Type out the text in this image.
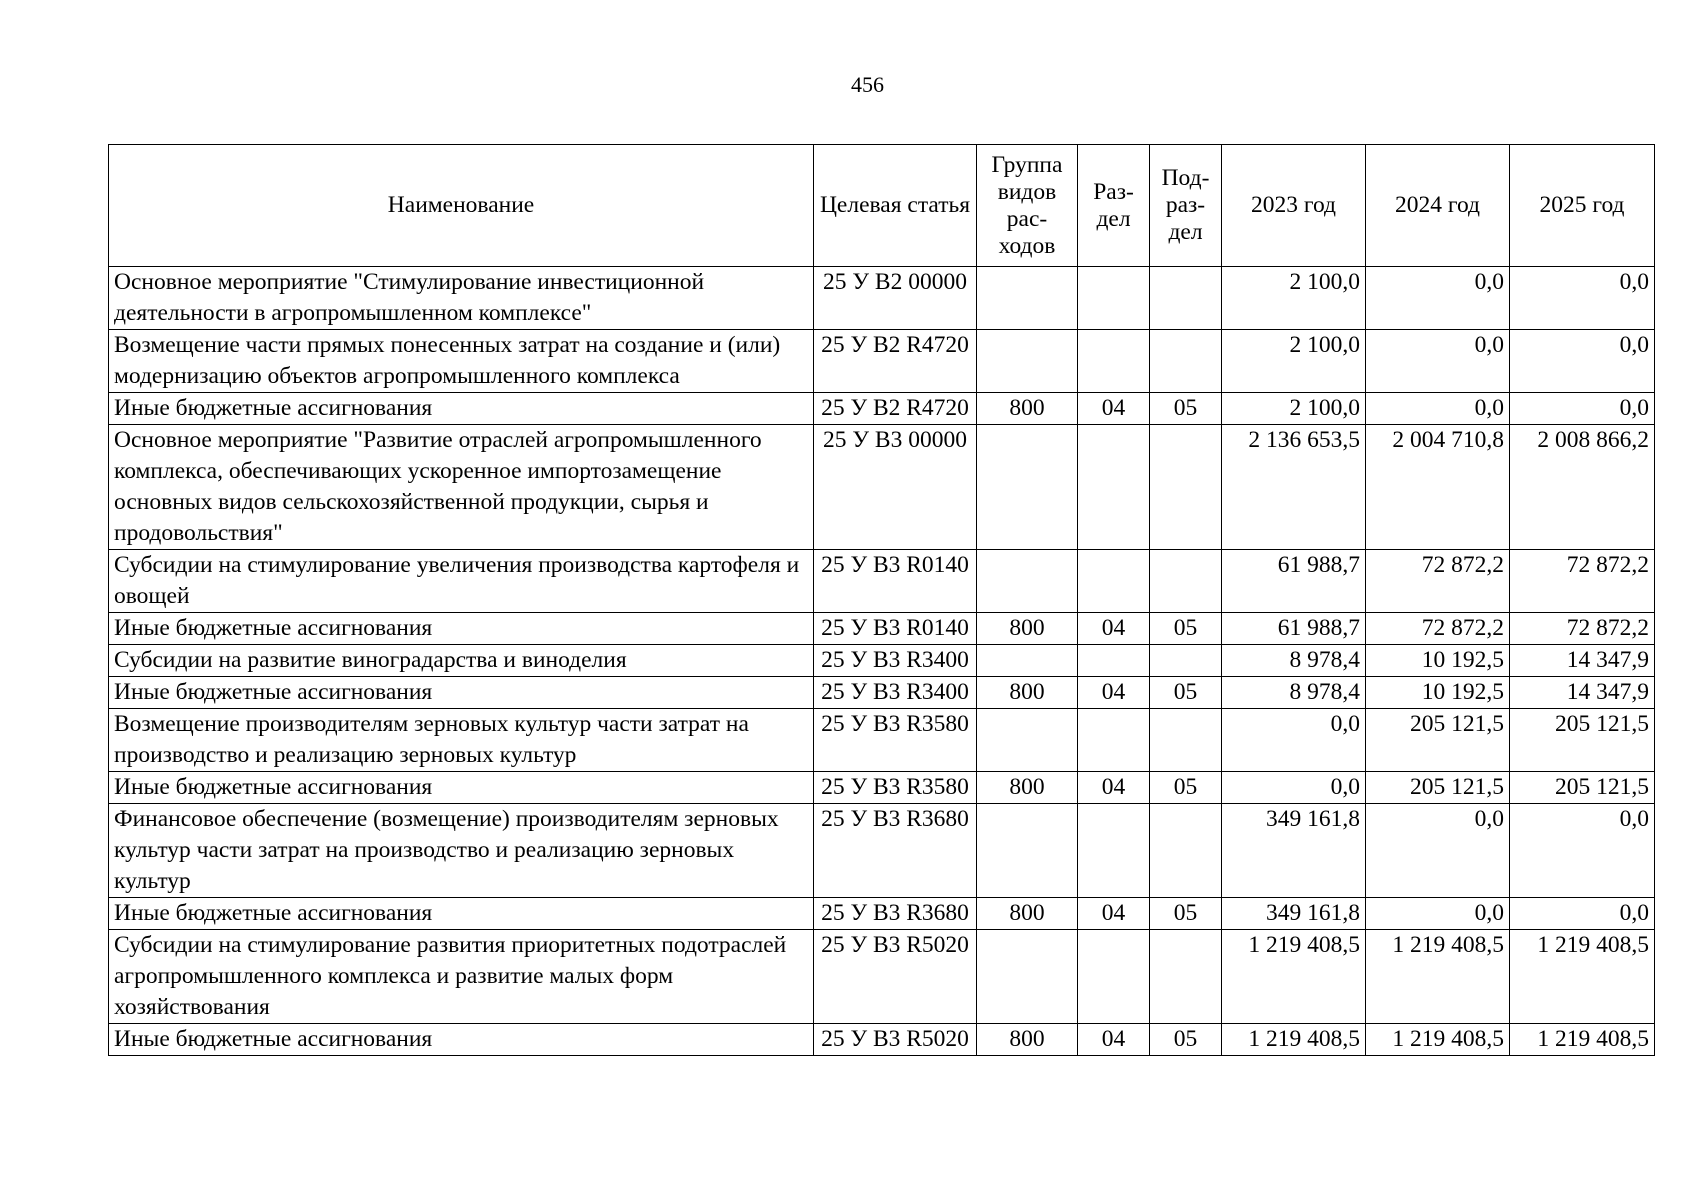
456
Наименование	Целевая статья	Группа видов рас-ходов	Раз-дел	Под-раз-дел	2023 год	2024 год	2025 год
Основное мероприятие "Стимулирование инвестиционной деятельности в агропромышленном комплексе"	25 У В2 00000				2 100,0	0,0	0,0
Возмещение части прямых понесенных затрат на создание и (или) модернизацию объектов агропромышленного комплекса	25 У В2 R4720				2 100,0	0,0	0,0
Иные бюджетные ассигнования	25 У В2 R4720	800	04	05	2 100,0	0,0	0,0
Основное мероприятие "Развитие отраслей агропромышленного комплекса, обеспечивающих ускоренное импортозамещение основных видов сельскохозяйственной продукции, сырья и продовольствия"	25 У В3 00000				2 136 653,5	2 004 710,8	2 008 866,2
Субсидии на стимулирование увеличения производства картофеля и овощей	25 У В3 R0140				61 988,7	72 872,2	72 872,2
Иные бюджетные ассигнования	25 У В3 R0140	800	04	05	61 988,7	72 872,2	72 872,2
Субсидии на развитие виноградарства и виноделия	25 У В3 R3400				8 978,4	10 192,5	14 347,9
Иные бюджетные ассигнования	25 У В3 R3400	800	04	05	8 978,4	10 192,5	14 347,9
Возмещение производителям зерновых культур части затрат на производство и реализацию зерновых культур	25 У В3 R3580				0,0	205 121,5	205 121,5
Иные бюджетные ассигнования	25 У В3 R3580	800	04	05	0,0	205 121,5	205 121,5
Финансовое обеспечение (возмещение) производителям зерновых культур части затрат на производство и реализацию зерновых культур	25 У В3 R3680				349 161,8	0,0	0,0
Иные бюджетные ассигнования	25 У В3 R3680	800	04	05	349 161,8	0,0	0,0
Субсидии на стимулирование развития приоритетных подотраслей агропромышленного комплекса и развитие малых форм хозяйствования	25 У В3 R5020				1 219 408,5	1 219 408,5	1 219 408,5
Иные бюджетные ассигнования	25 У В3 R5020	800	04	05	1 219 408,5	1 219 408,5	1 219 408,5
